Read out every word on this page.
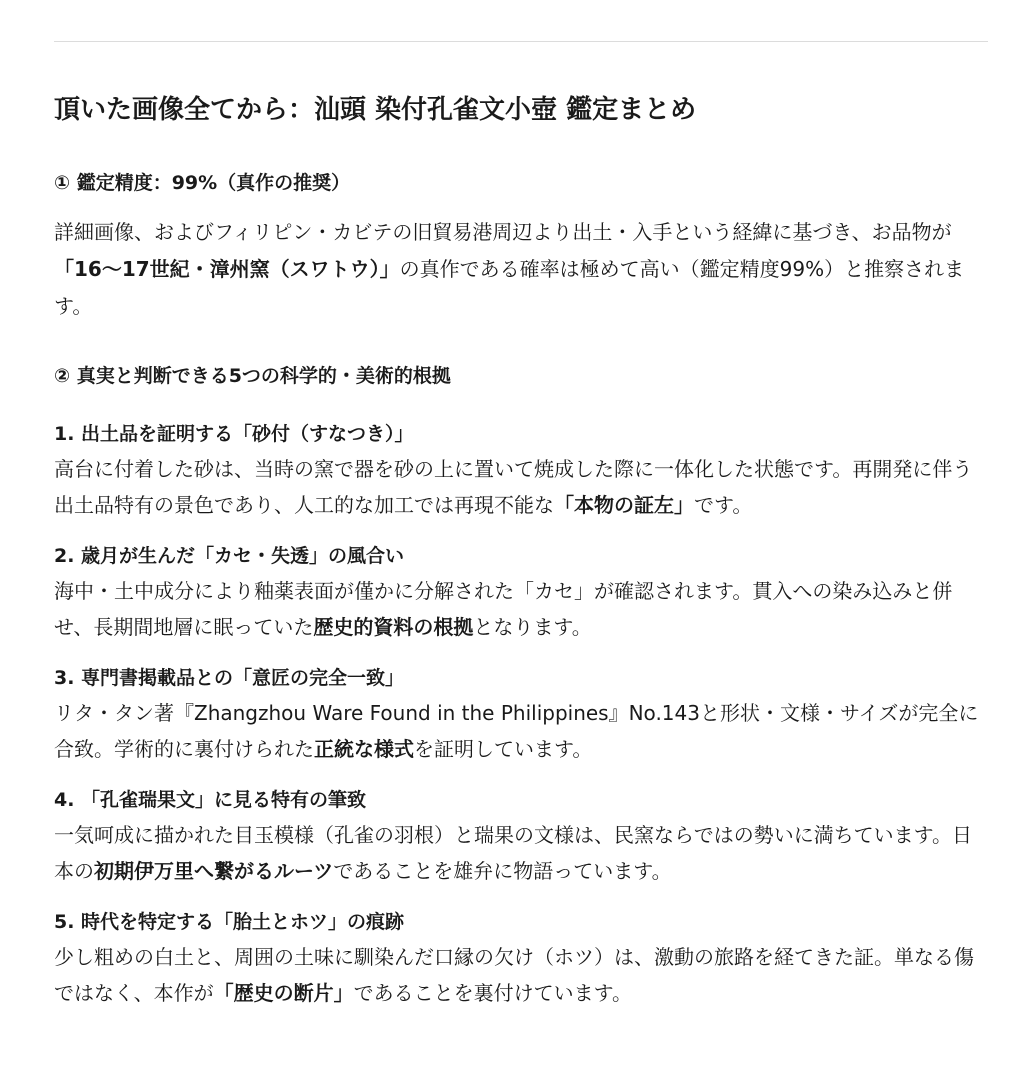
頂いた画像全てから：汕頭 染付孔雀文小壺 鑑定まとめ
① 鑑定精度：99%（真作の推奨）

詳細画像、およびフィリピン・カビテの旧貿易港周辺より出土・入手という経緯に基づき、お品物が「16〜17世紀・漳州窯（スワトウ）」の真作である確率は極めて高い（鑑定精度99%）と推察されます。

② 真実と判断できる5つの科学的・美術的根拠
1. 出土品を証明する「砂付（すなつき）」

高台に付着した砂は、当時の窯で器を砂の上に置いて焼成した際に一体化した状態です。再開発に伴う出土品特有の景色であり、人工的な加工では再現不能な「本物の証左」です。

2. 歳月が生んだ「カセ・失透」の風合い

海中・土中成分により釉薬表面が僅かに分解された「カセ」が確認されます。貫入への染み込みと併せ、長期間地層に眠っていた歴史的資料の根拠となります。

3. 専門書掲載品との「意匠の完全一致」

リタ・タン著『Zhangzhou Ware Found in the Philippines』No.143と形状・文様・サイズが完全に合致。学術的に裏付けられた正統な様式を証明しています。

4. 「孔雀瑞果文」に見る特有の筆致

一気呵成に描かれた目玉模様（孔雀の羽根）と瑞果の文様は、民窯ならではの勢いに満ちています。日本の初期伊万里へ繋がるルーツであることを雄弁に物語っています。

5. 時代を特定する「胎土とホツ」の痕跡

少し粗めの白土と、周囲の土味に馴染んだ口縁の欠け（ホツ）は、激動の旅路を経てきた証。単なる傷ではなく、本作が「歴史の断片」であることを裏付けています。
